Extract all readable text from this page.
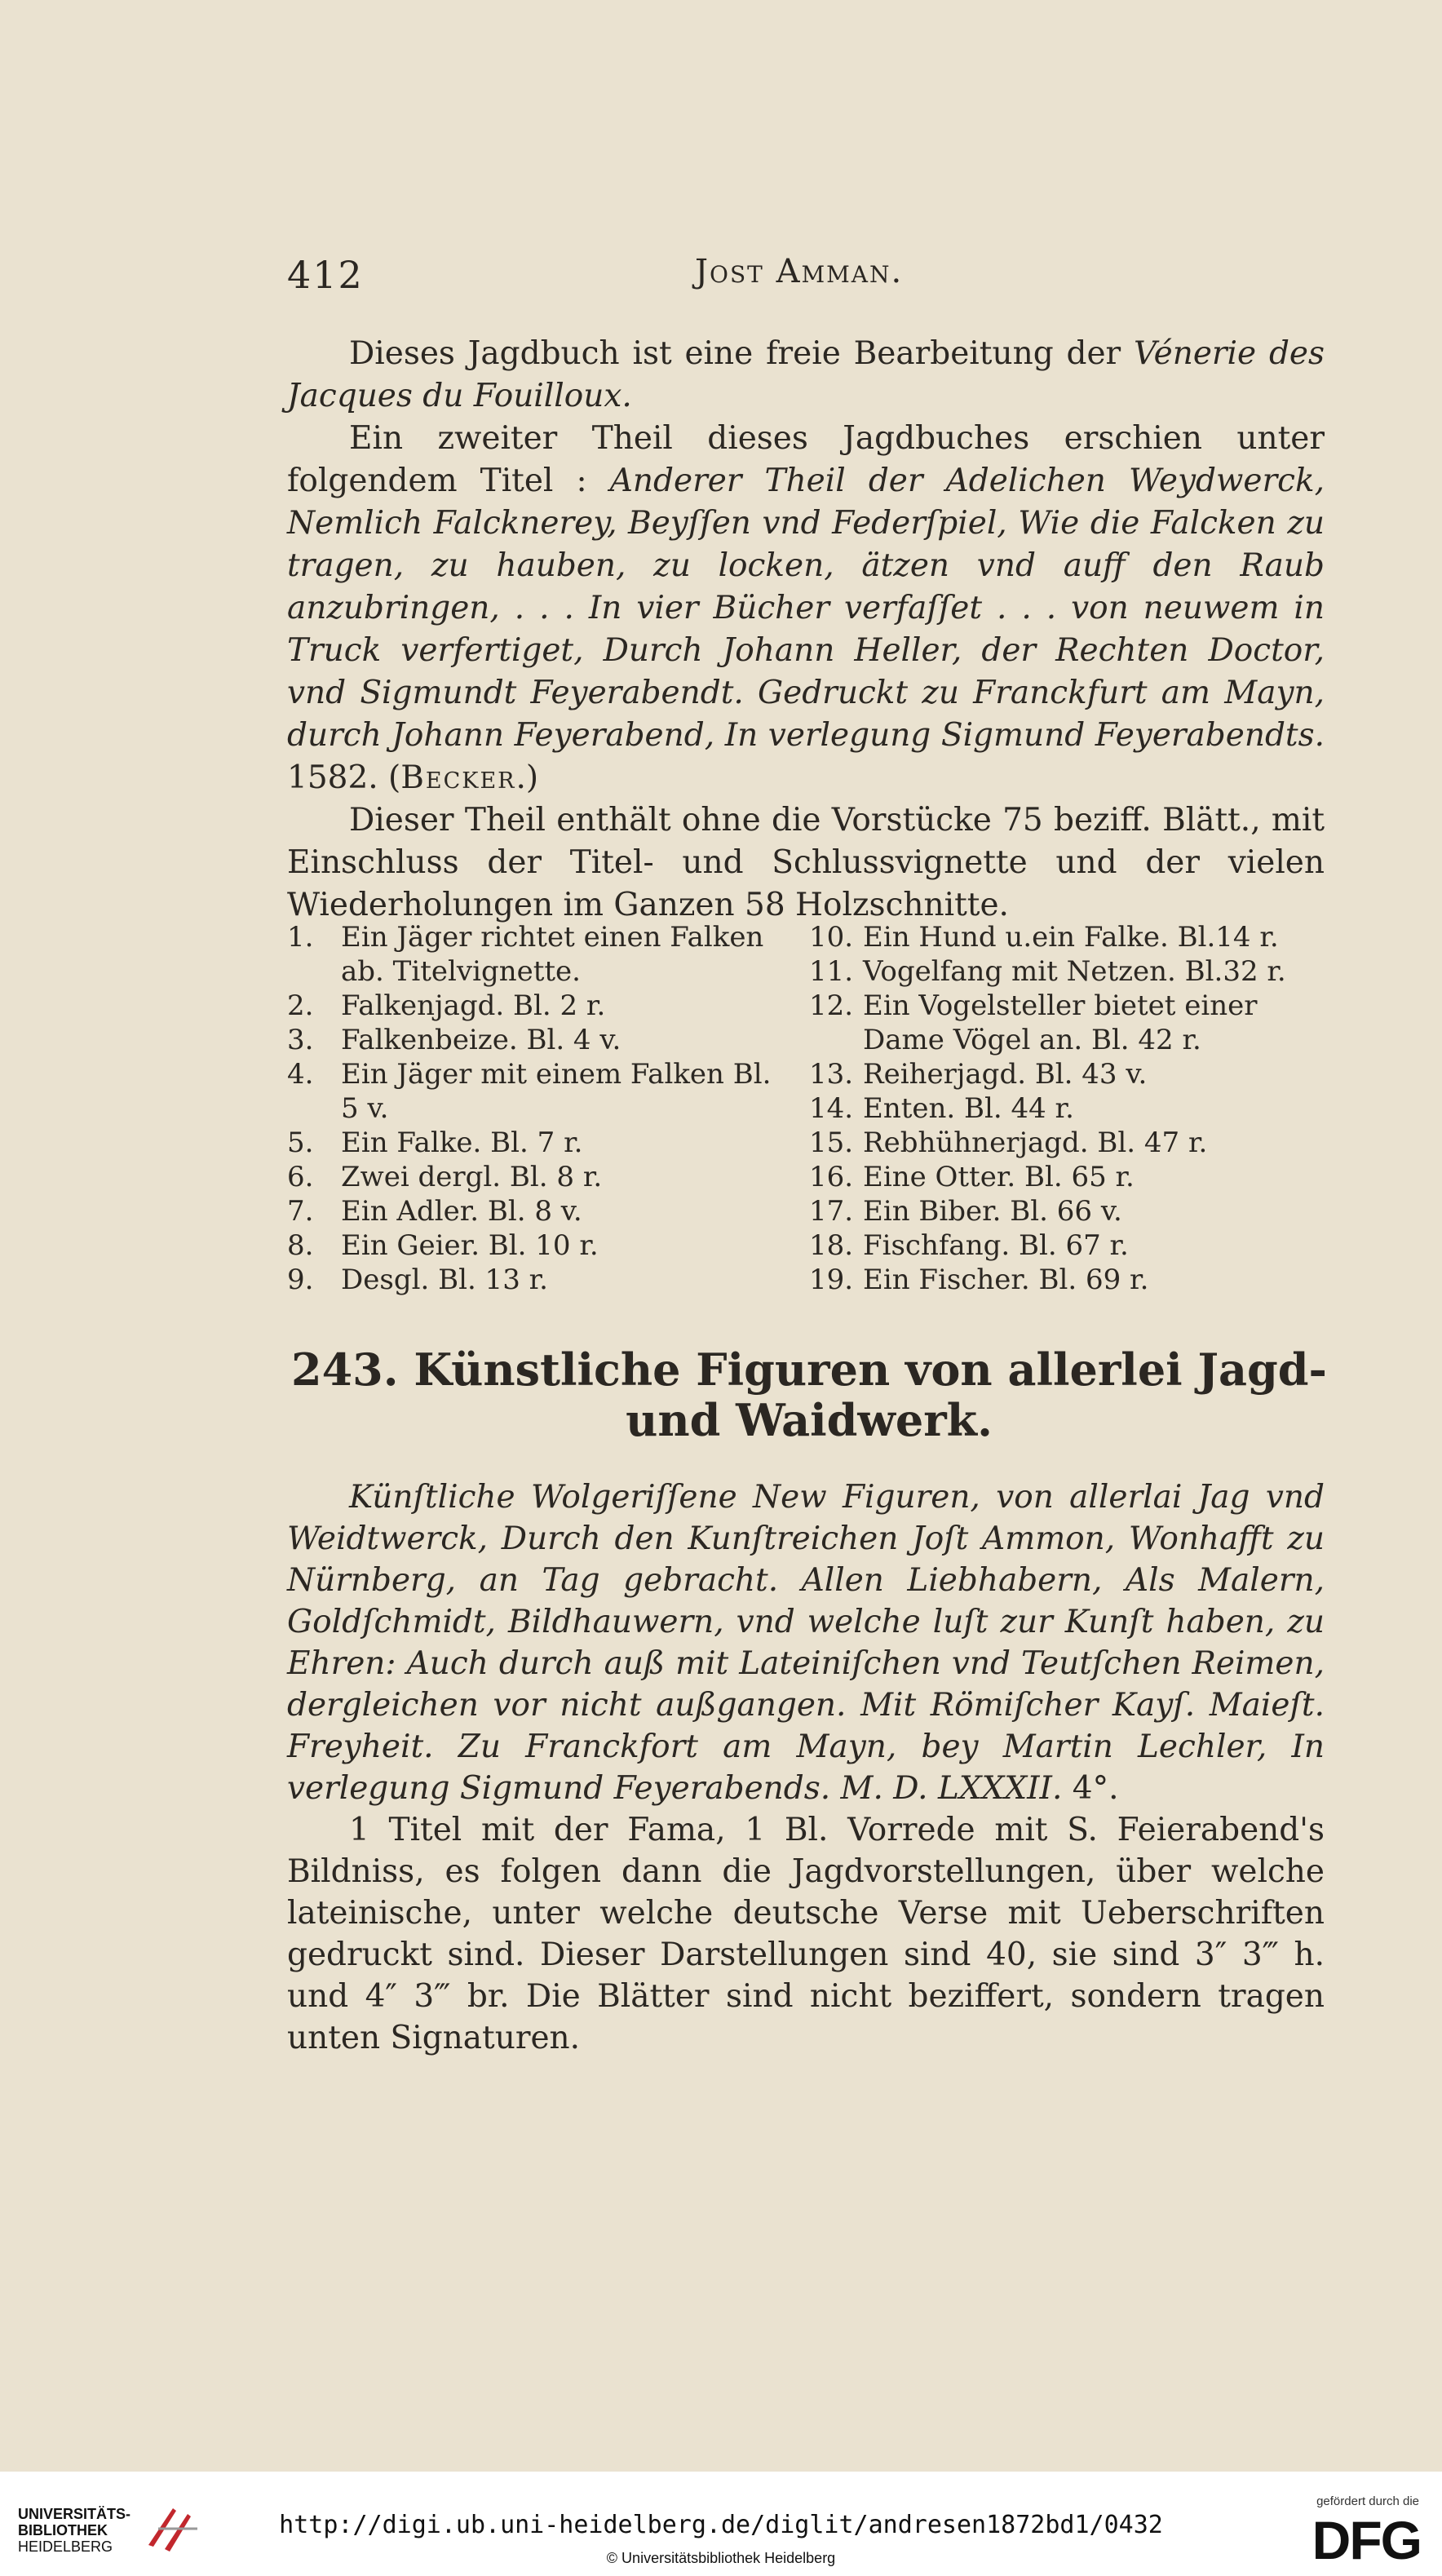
412	Jost Amman.

Dieses Jagdbuch ist eine freie Bearbeitung der Vénerie des Jacques du Fouilloux.

Ein zweiter Theil dieses Jagdbuches erschien unter folgendem Titel : Anderer Theil der Adelichen Weydwerck, Nemlich Falcknerey, Beyſſen vnd Federſpiel, Wie die Falcken zu tragen, zu hauben, zu locken, ätzen vnd auff den Raub anzubringen, . . . In vier Bücher verfaſſet . . . von neuwem in Truck verfertiget, Durch Johann Heller, der Rechten Doctor, vnd Sigmundt Feyerabendt. Gedruckt zu Franckfurt am Mayn, durch Johann Feyerabend, In verlegung Sigmund Feyerabendts. 1582. (Becker.)

Dieser Theil enthält ohne die Vorstücke 75 beziff. Blätt., mit Einschluss der Titel- und Schlussvignette und der vielen Wiederholungen im Ganzen 58 Holzschnitte.

1. Ein Jäger richtet einen Falken ab. Titelvignette.
2. Falkenjagd. Bl. 2 r.
3. Falkenbeize. Bl. 4 v.
4. Ein Jäger mit einem Falken Bl. 5 v.
5. Ein Falke. Bl. 7 r.
6. Zwei dergl. Bl. 8 r.
7. Ein Adler. Bl. 8 v.
8. Ein Geier. Bl. 10 r.
9. Desgl. Bl. 13 r.
10. Ein Hund u.ein Falke. Bl.14 r.
11. Vogelfang mit Netzen. Bl.32 r.
12. Ein Vogelsteller bietet einer Dame Vögel an. Bl. 42 r.
13. Reiherjagd. Bl. 43 v.
14. Enten. Bl. 44 r.
15. Rebhühnerjagd. Bl. 47 r.
16. Eine Otter. Bl. 65 r.
17. Ein Biber. Bl. 66 v.
18. Fischfang. Bl. 67 r.
19. Ein Fischer. Bl. 69 r.
243. Künstliche Figuren von allerlei Jagd-
und Waidwerk.

Künſtliche Wolgeriſſene New Figuren, von allerlai Jag vnd Weidtwerck, Durch den Kunſtreichen Joſt Ammon, Wonhafft zu Nürnberg, an Tag gebracht. Allen Liebhabern, Als Malern, Goldſchmidt, Bildhauwern, vnd welche luſt zur Kunſt haben, zu Ehren: Auch durch auß mit Lateiniſchen vnd Teutſchen Reimen, dergleichen vor nicht außgangen. Mit Römiſcher Kayſ. Maieſt. Freyheit. Zu Franckfort am Mayn, bey Martin Lechler, In verlegung Sigmund Feyerabends. M. D. LXXXII. 4°.

1 Titel mit der Fama, 1 Bl. Vorrede mit S. Feierabend's Bildniss, es folgen dann die Jagdvorstellungen, über welche lateinische, unter welche deutsche Verse mit Ueberschriften gedruckt sind. Dieser Darstellungen sind 40, sie sind 3″ 3‴ h. und 4″ 3‴ br. Die Blätter sind nicht beziffert, sondern tragen unten Signaturen.

UNIVERSITÄTS-
BIBLIOTHEK
HEIDELBERG
http://digi.ub.uni-heidelberg.de/diglit/andresen1872bd1/0432
© Universitätsbibliothek Heidelberg
gefördert durch die
DFG
